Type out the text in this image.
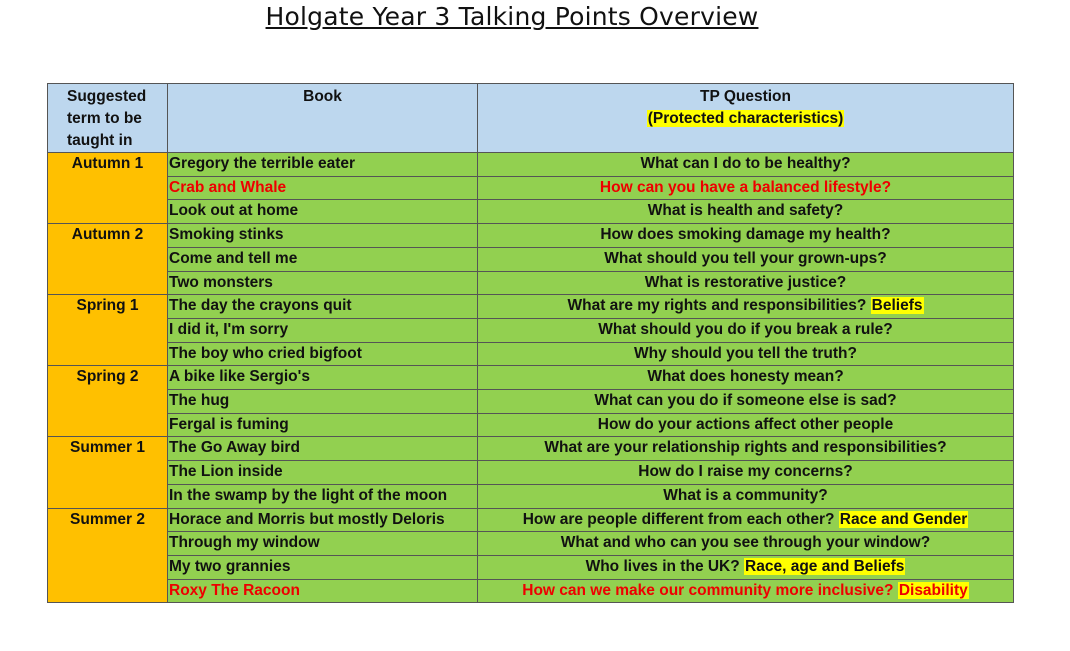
Holgate Year 3 Talking Points Overview
Suggested term to be taught in	Book	TP Question
(Protected characteristics)
Autumn 1	Gregory the terrible eater	What can I do to be healthy?
	Crab and Whale	How can you have a balanced lifestyle?
	Look out at home	What is health and safety?
Autumn 2	Smoking stinks	How does smoking damage my health?
	Come and tell me	What should you tell your grown-ups?
	Two monsters	What is restorative justice?
Spring 1	The day the crayons quit	What are my rights and responsibilities? Beliefs
	I did it, I'm sorry	What should you do if you break a rule?
	The boy who cried bigfoot	Why should you tell the truth?
Spring 2	A bike like Sergio's	What does honesty mean?
	The hug	What can you do if someone else is sad?
	Fergal is fuming	How do your actions affect other people
Summer 1	The Go Away bird	What are your relationship rights and responsibilities?
	The Lion inside	How do I raise my concerns?
	In the swamp by the light of the moon	What is a community?
Summer 2	Horace and Morris but mostly Deloris	How are people different from each other? Race and Gender
	Through my window	What and who can you see through your window?
	My two grannies	Who lives in the UK? Race, age and Beliefs
	Roxy The Racoon	How can we make our community more inclusive? Disability
